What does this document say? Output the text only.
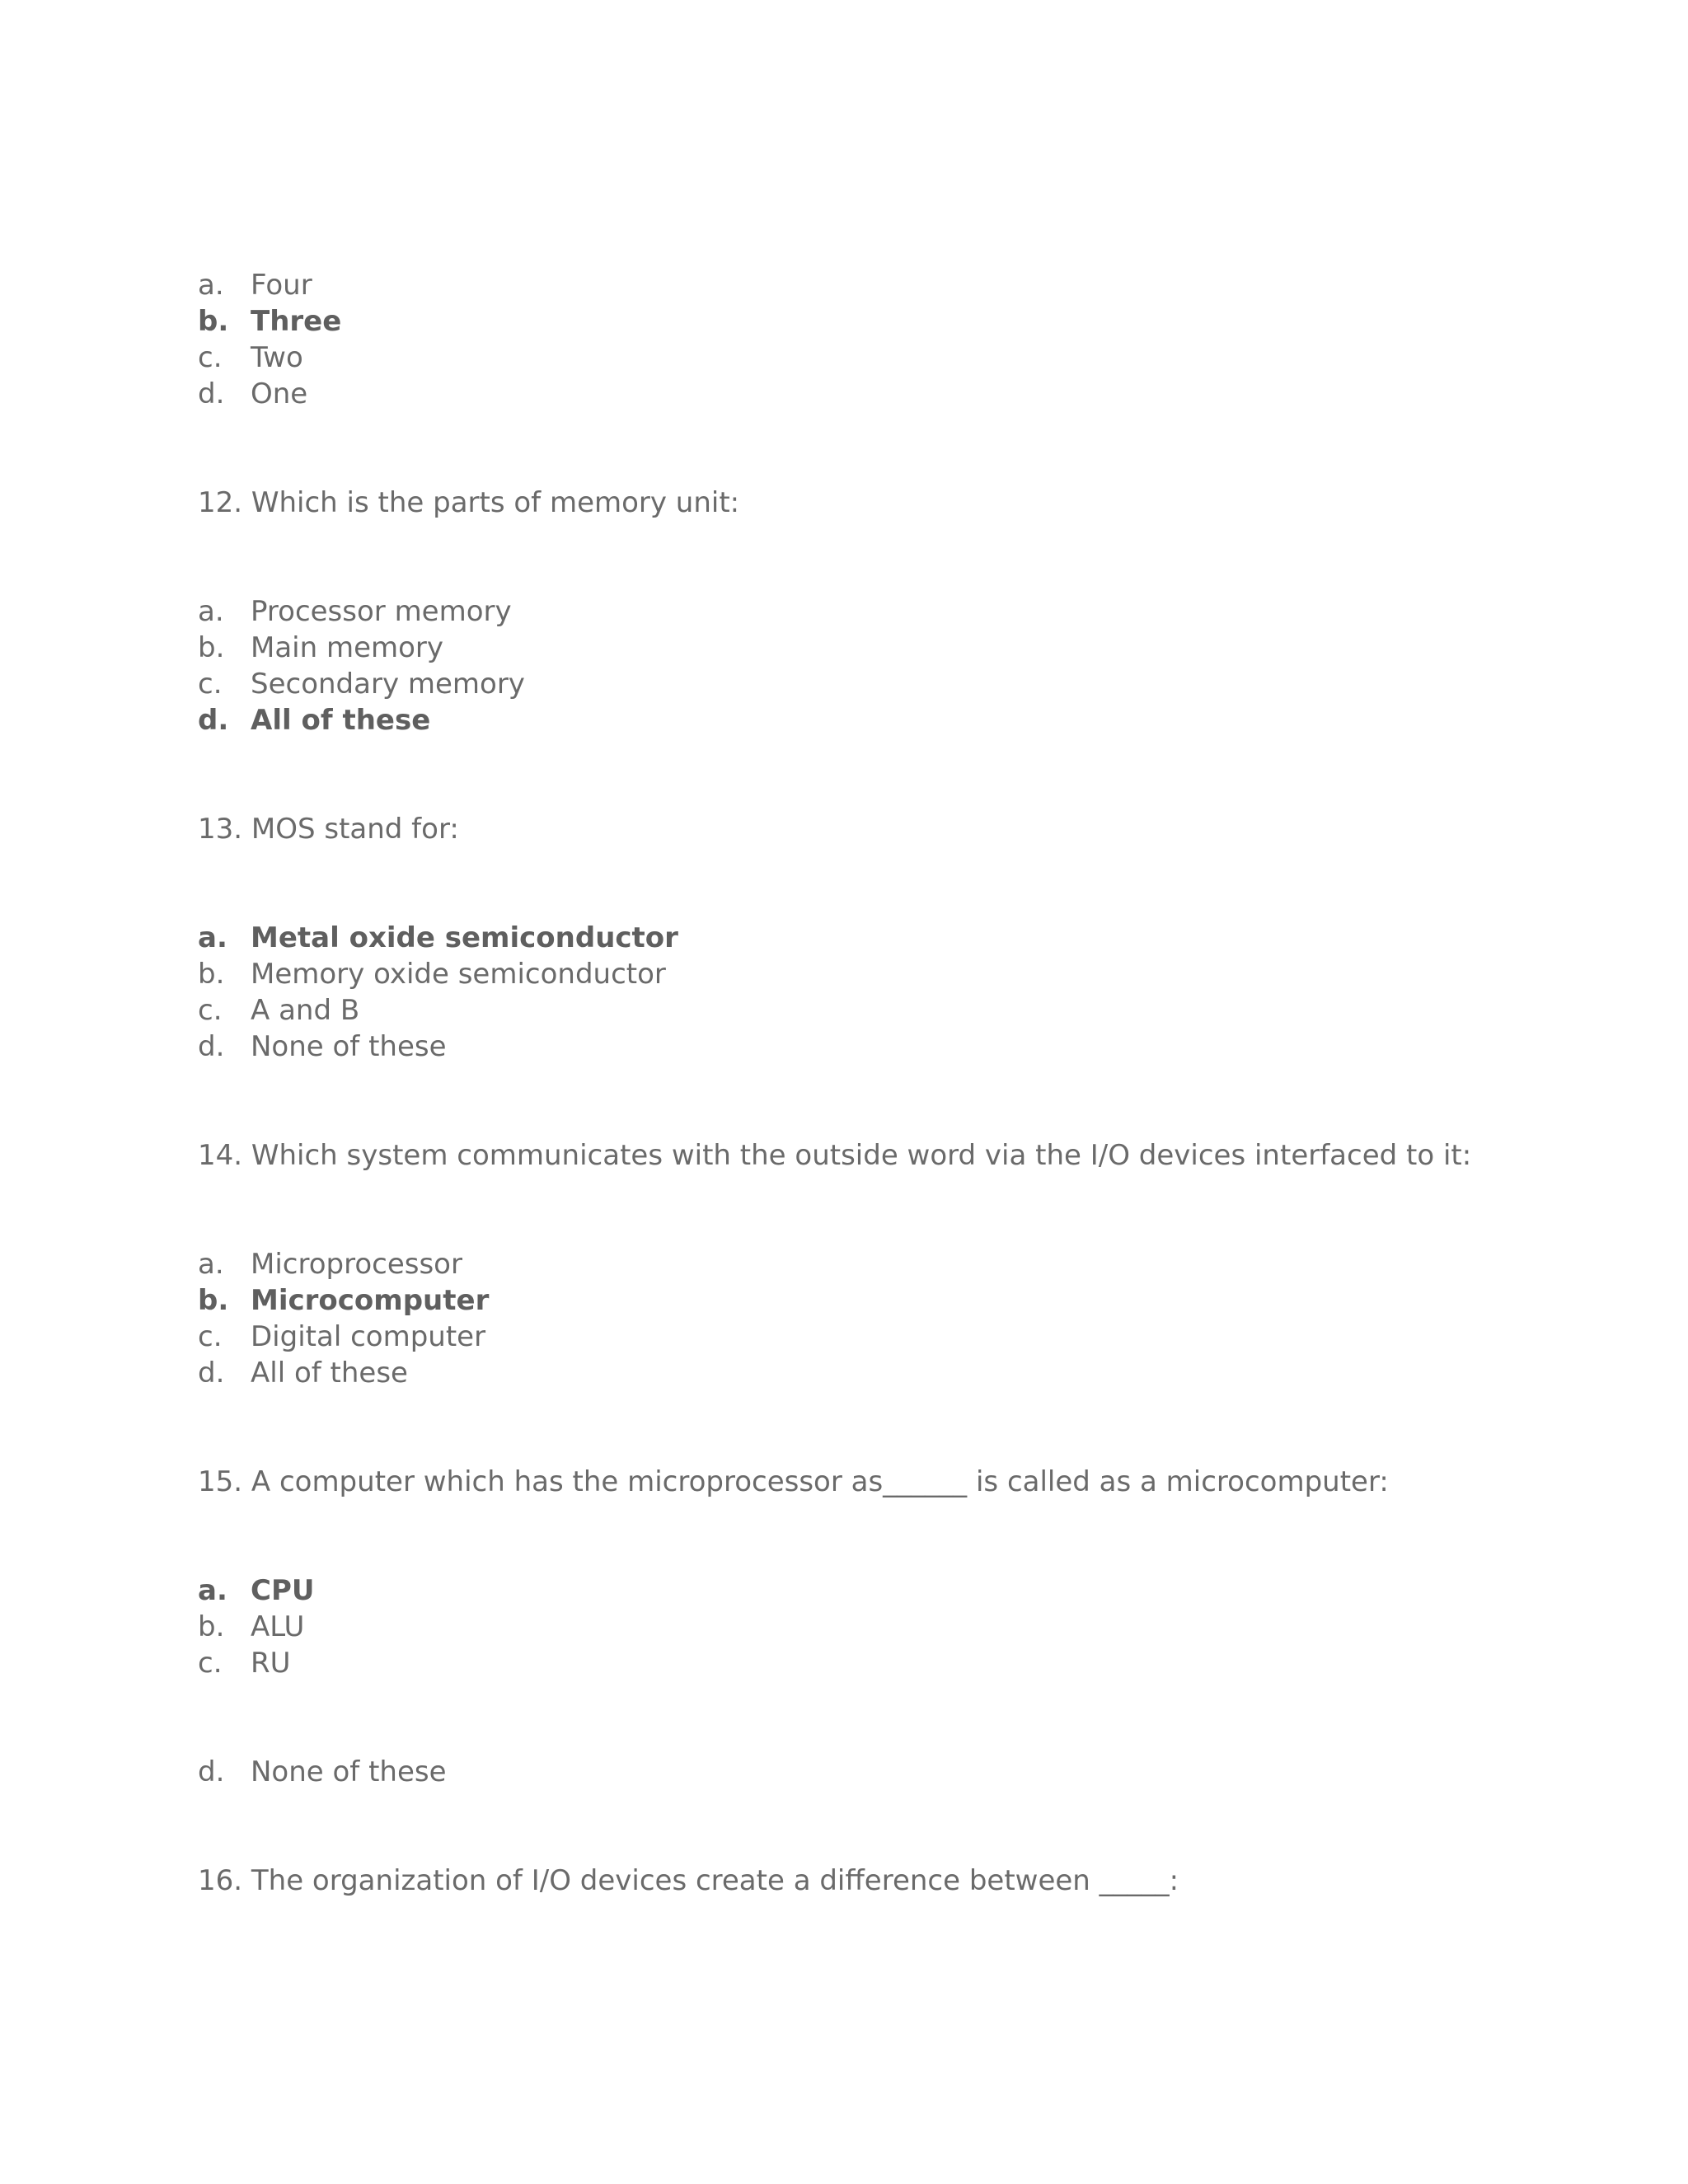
a. Four
b. Three
c. Two
d. One
12. Which is the parts of memory unit:
a. Processor memory
b. Main memory
c. Secondary memory
d. All of these
13. MOS stand for:
a. Metal oxide semiconductor
b. Memory oxide semiconductor
c. A and B
d. None of these
14. Which system communicates with the outside word via the I/O devices interfaced to it:
a. Microprocessor
b. Microcomputer
c. Digital computer
d. All of these
15. A computer which has the microprocessor as______ is called as a microcomputer:
a. CPU
b. ALU
c. RU
d. None of these
16. The organization of I/O devices create a difference between _____:
